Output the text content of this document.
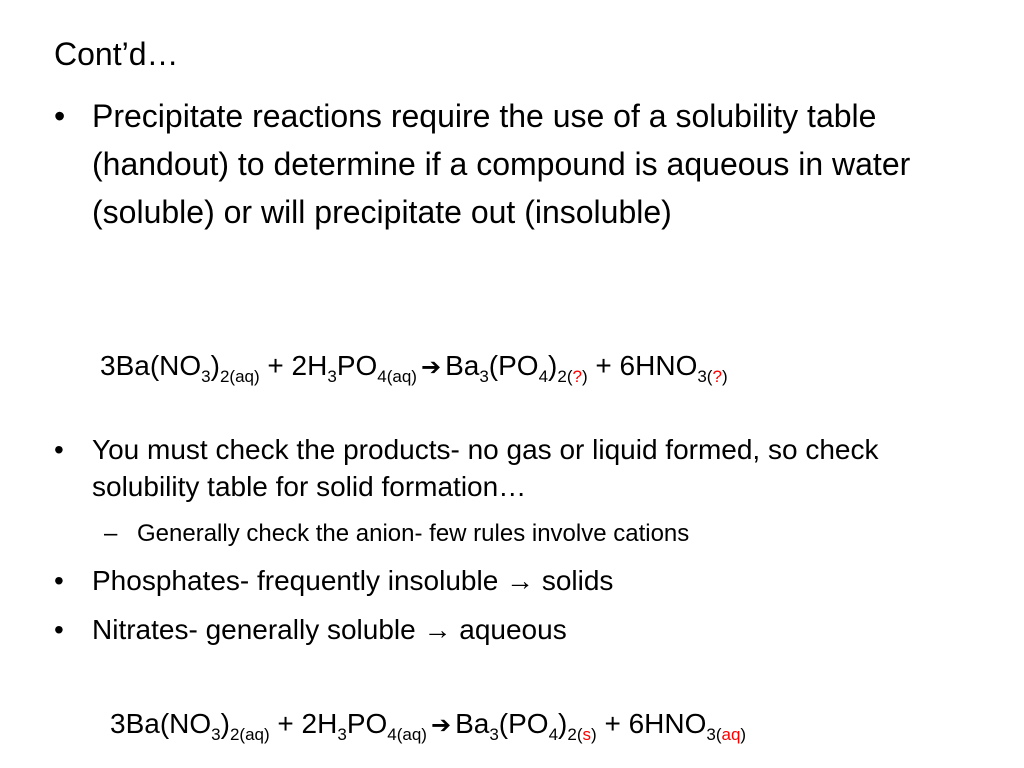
Cont’d…
• Precipitate reactions require the use of a solubility table (handout) to determine if a compound is aqueous in water (soluble) or will precipitate out (insoluble)
$3Ba(NO_3)_{2(aq)} + 2H_3PO_{4(aq)}$ ➔ $Ba_3(PO_4)_{2(?)} + 6HNO_{3(?)}$
• You must check the products- no gas or liquid formed, so check solubility table for solid formation…
– Generally check the anion- few rules involve cations
• Phosphates- frequently insoluble → solids
• Nitrates- generally soluble → aqueous
$3Ba(NO_3)_{2(aq)} + 2H_3PO_{4(aq)}$ ➔ $Ba_3(PO_4)_{2(s)} + 6HNO_{3(aq)}$
